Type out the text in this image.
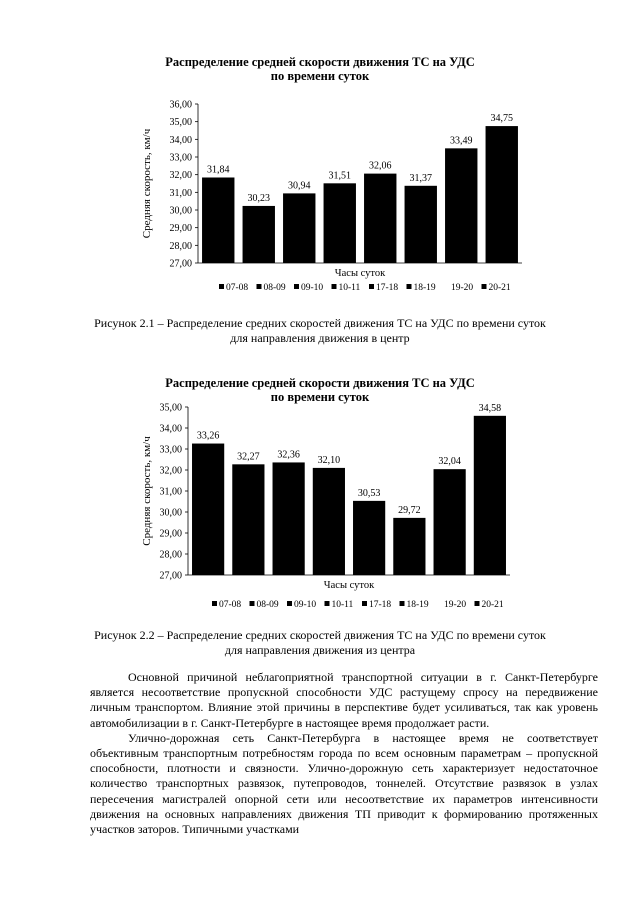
Распределение средней скорости движения ТС на УДС
по времени суток
27,00
28,00
29,00
30,00
31,00
32,00
33,00
34,00
35,00
36,00
31,84
30,23
30,94
31,51
32,06
31,37
33,49
34,75
Средняя скорость, км/ч
Часы суток
07-08 08-09 09-10 10-11 17-18 18-19 19-20 20-21
Рисунок 2.1 – Распределение средних скоростей движения ТС на УДС по времени суток
для направления движения в центр
Распределение средней скорости движения ТС на УДС
по времени суток
27,00
28,00
29,00
30,00
31,00
32,00
33,00
34,00
35,00
33,26
32,27 32,36 32,10
30,53
29,72
32,04
34,58
Средняя скорость, км/ч
Часы суток
07-08 08-09 09-10 10-11 17-18 18-19 19-20 20-21
Рисунок 2.2 – Распределение средних скоростей движения ТС на УДС по времени суток
для направления движения из центра

Основной причиной неблагоприятной транспортной ситуации в г. Санкт-Петербурге является несоответствие пропускной способности УДС растущему спросу на передвижение личным транспортом. Влияние этой причины в перспективе будет усиливаться, так как уровень автомобилизации в г. Санкт-Петербурге в настоящее время продолжает расти.

Улично-дорожная сеть Санкт-Петербурга в настоящее время не соответствует объективным транспортным потребностям города по всем основным параметрам – пропускной способности, плотности и связности. Улично-дорожную сеть характеризует недостаточное количество транспортных развязок, путепроводов, тоннелей. Отсутствие развязок в узлах пересечения магистралей опорной сети или несоответствие их параметров интенсивности движения на основных направлениях движения ТП приводит к формированию протяженных участков заторов. Типичными участками
